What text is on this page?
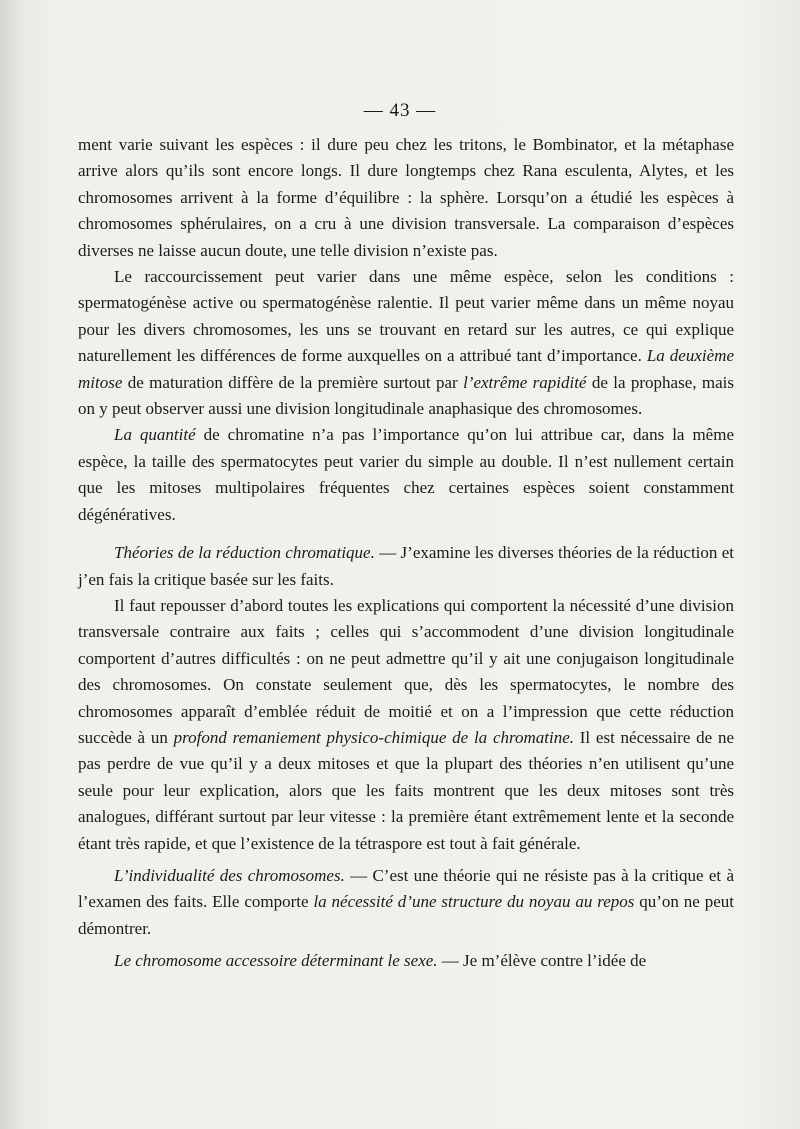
— 43 —

ment varie suivant les espèces : il dure peu chez les tritons, le Bombinator, et la métaphase arrive alors qu’ils sont encore longs. Il dure longtemps chez Rana esculenta, Alytes, et les chromosomes arrivent à la forme d’équilibre : la sphère. Lorsqu’on a étudié les espèces à chromosomes sphérulaires, on a cru à une division transversale. La comparaison d’espèces diverses ne laisse aucun doute, une telle division n’existe pas.

Le raccourcissement peut varier dans une même espèce, selon les conditions : spermatogénèse active ou spermatogénèse ralentie. Il peut varier même dans un même noyau pour les divers chromosomes, les uns se trouvant en retard sur les autres, ce qui explique naturellement les différences de forme auxquelles on a attribué tant d’importance. La deuxième mitose de maturation diffère de la première surtout par l’extrême rapidité de la prophase, mais on y peut observer aussi une division longitudinale anaphasique des chromosomes.

La quantité de chromatine n’a pas l’importance qu’on lui attribue car, dans la même espèce, la taille des spermatocytes peut varier du simple au double. Il n’est nullement certain que les mitoses multipolaires fréquentes chez certaines espèces soient constamment dégénératives.

Théories de la réduction chromatique. — J’examine les diverses théories de la réduction et j’en fais la critique basée sur les faits.

Il faut repousser d’abord toutes les explications qui comportent la nécessité d’une division transversale contraire aux faits ; celles qui s’accommodent d’une division longitudinale comportent d’autres difficultés : on ne peut admettre qu’il y ait une conjugaison longitudinale des chromosomes. On constate seulement que, dès les spermatocytes, le nombre des chromosomes apparaît d’emblée réduit de moitié et on a l’impression que cette réduction succède à un profond remaniement physico-chimique de la chromatine. Il est nécessaire de ne pas perdre de vue qu’il y a deux mitoses et que la plupart des théories n’en utilisent qu’une seule pour leur explication, alors que les faits montrent que les deux mitoses sont très analogues, différant surtout par leur vitesse : la première étant extrêmement lente et la seconde étant très rapide, et que l’existence de la tétraspore est tout à fait générale.

L’individualité des chromosomes. — C’est une théorie qui ne résiste pas à la critique et à l’examen des faits. Elle comporte la nécessité d’une structure du noyau au repos qu’on ne peut démontrer.

Le chromosome accessoire déterminant le sexe. — Je m’élève contre l’idée de
